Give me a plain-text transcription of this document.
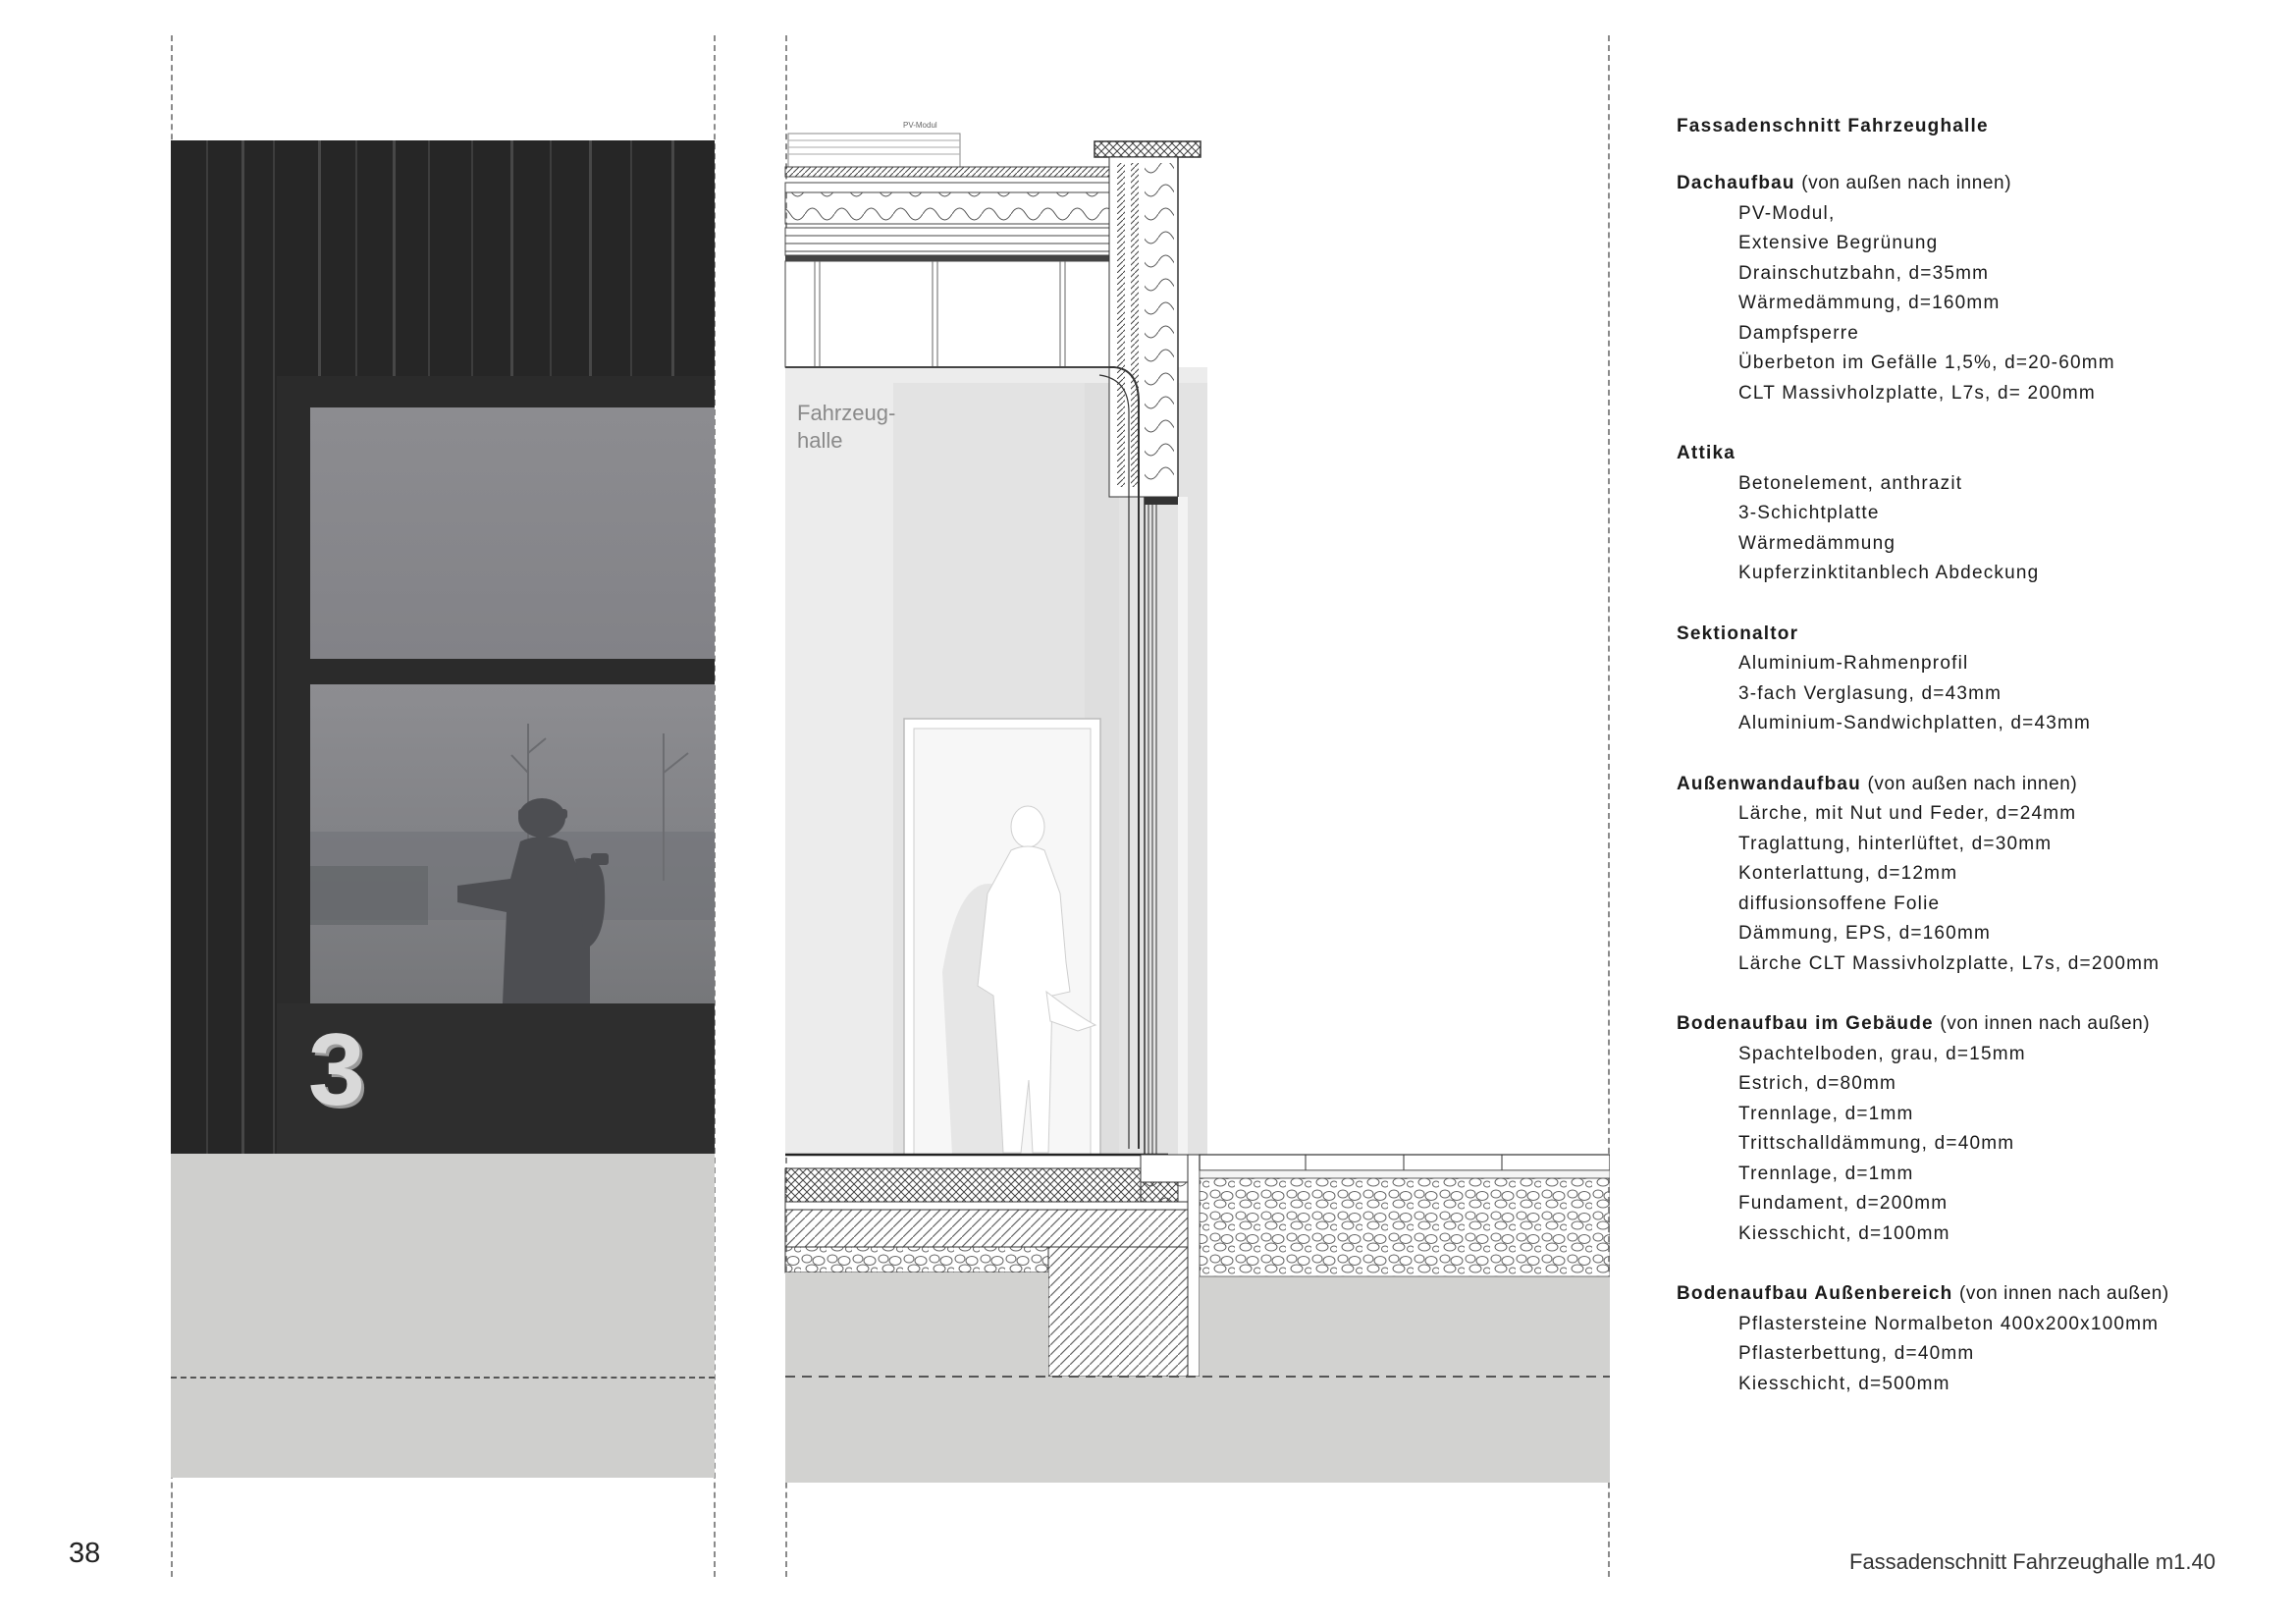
3
PV-Modul
Fahrzeug-
halle
Fassadenschnitt Fahrzeughalle
Dachaufbau (von außen nach innen)
PV-Modul,
Extensive Begrünung
Drainschutzbahn, d=35mm
Wärmedämmung, d=160mm
Dampfsperre
Überbeton im Gefälle 1,5%, d=20-60mm
CLT Massivholzplatte, L7s, d= 200mm
Attika
Betonelement, anthrazit
3-Schichtplatte
Wärmedämmung
Kupferzinktitanblech Abdeckung
Sektionaltor
Aluminium-Rahmenprofil
3-fach Verglasung, d=43mm
Aluminium-Sandwichplatten, d=43mm
Außenwandaufbau (von außen nach innen)
Lärche, mit Nut und Feder, d=24mm
Traglattung, hinterlüftet, d=30mm
Konterlattung, d=12mm
diffusionsoffene Folie
Dämmung, EPS, d=160mm
Lärche CLT Massivholzplatte, L7s, d=200mm
Bodenaufbau im Gebäude (von innen nach außen)
Spachtelboden, grau, d=15mm
Estrich, d=80mm
Trennlage, d=1mm
Trittschalldämmung, d=40mm
Trennlage, d=1mm
Fundament, d=200mm
Kiesschicht, d=100mm
Bodenaufbau Außenbereich (von innen nach außen)
Pflastersteine Normalbeton 400x200x100mm
Pflasterbettung, d=40mm
Kiesschicht, d=500mm
38	Fassadenschnitt Fahrzeughalle m1.40
